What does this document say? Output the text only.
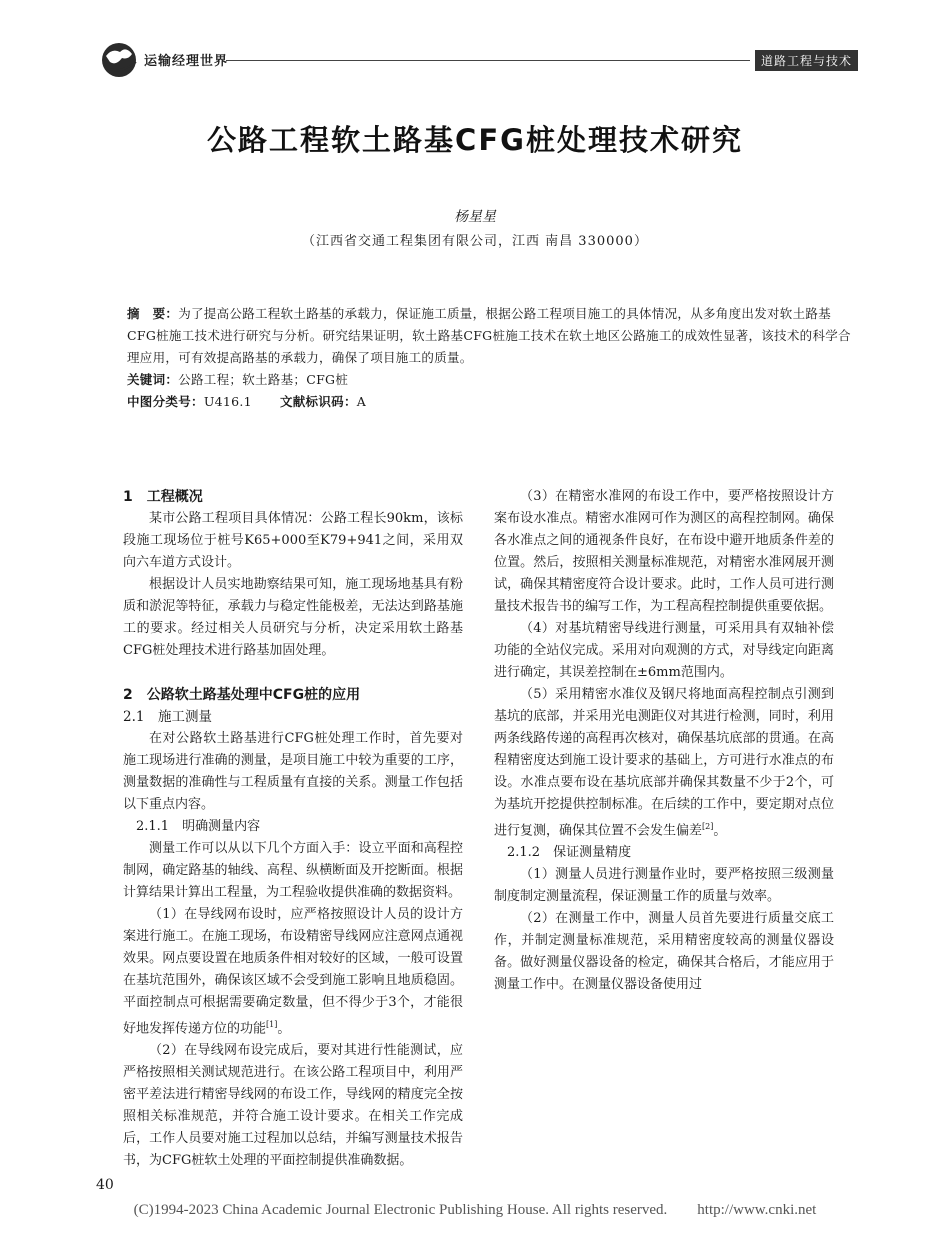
运输经理世界	道路工程与技术
公路工程软土路基CFG桩处理技术研究
杨星星
（江西省交通工程集团有限公司，江西 南昌 330000）

摘　要：为了提高公路工程软土路基的承载力，保证施工质量，根据公路工程项目施工的具体情况，从多角度出发对软土路基CFG桩施工技术进行研究与分析。研究结果证明，软土路基CFG桩施工技术在软土地区公路施工的成效性显著，该技术的科学合理应用，可有效提高路基的承载力，确保了项目施工的质量。

关键词：公路工程；软土路基；CFG桩

中图分类号：U416.1 文献标识码：A

1　工程概况

某市公路工程项目具体情况：公路工程长90km，该标段施工现场位于桩号K65+000至K79+941之间，采用双向六车道方式设计。

根据设计人员实地勘察结果可知，施工现场地基具有粉质和淤泥等特征，承载力与稳定性能极差，无法达到路基施工的要求。经过相关人员研究与分析，决定采用软土路基CFG桩处理技术进行路基加固处理。

2　公路软土路基处理中CFG桩的应用

2.1　施工测量

在对公路软土路基进行CFG桩处理工作时，首先要对施工现场进行准确的测量，是项目施工中较为重要的工序，测量数据的准确性与工程质量有直接的关系。测量工作包括以下重点内容。

2.1.1　明确测量内容

测量工作可以从以下几个方面入手：设立平面和高程控制网，确定路基的轴线、高程、纵横断面及开挖断面。根据计算结果计算出工程量，为工程验收提供准确的数据资料。

（1）在导线网布设时，应严格按照设计人员的设计方案进行施工。在施工现场，布设精密导线网应注意网点通视效果。网点要设置在地质条件相对较好的区域，一般可设置在基坑范围外，确保该区域不会受到施工影响且地质稳固。平面控制点可根据需要确定数量，但不得少于3个，才能很好地发挥传递方位的功能[1]。

（2）在导线网布设完成后，要对其进行性能测试，应严格按照相关测试规范进行。在该公路工程项目中，利用严密平差法进行精密导线网的布设工作，导线网的精度完全按照相关标准规范，并符合施工设计要求。在相关工作完成后，工作人员要对施工过程加以总结，并编写测量技术报告书，为CFG桩软土处理的平面控制提供准确数据。

（3）在精密水准网的布设工作中，要严格按照设计方案布设水准点。精密水准网可作为测区的高程控制网。确保各水准点之间的通视条件良好，在布设中避开地质条件差的位置。然后，按照相关测量标准规范，对精密水准网展开测试，确保其精密度符合设计要求。此时，工作人员可进行测量技术报告书的编写工作，为工程高程控制提供重要依据。

（4）对基坑精密导线进行测量，可采用具有双轴补偿功能的全站仪完成。采用对向观测的方式，对导线定向距离进行确定，其误差控制在±6mm范围内。

（5）采用精密水准仪及钢尺将地面高程控制点引测到基坑的底部，并采用光电测距仪对其进行检测，同时，利用两条线路传递的高程再次核对，确保基坑底部的贯通。在高程精密度达到施工设计要求的基础上，方可进行水准点的布设。水准点要布设在基坑底部并确保其数量不少于2个，可为基坑开挖提供控制标准。在后续的工作中，要定期对点位进行复测，确保其位置不会发生偏差[2]。

2.1.2　保证测量精度

（1）测量人员进行测量作业时，要严格按照三级测量制度制定测量流程，保证测量工作的质量与效率。

（2）在测量工作中，测量人员首先要进行质量交底工作，并制定测量标准规范，采用精密度较高的测量仪器设备。做好测量仪器设备的检定，确保其合格后，才能应用于测量工作中。在测量仪器设备使用过

40
(C)1994-2023 China Academic Journal Electronic Publishing House. All rights reserved.　　http://www.cnki.net
